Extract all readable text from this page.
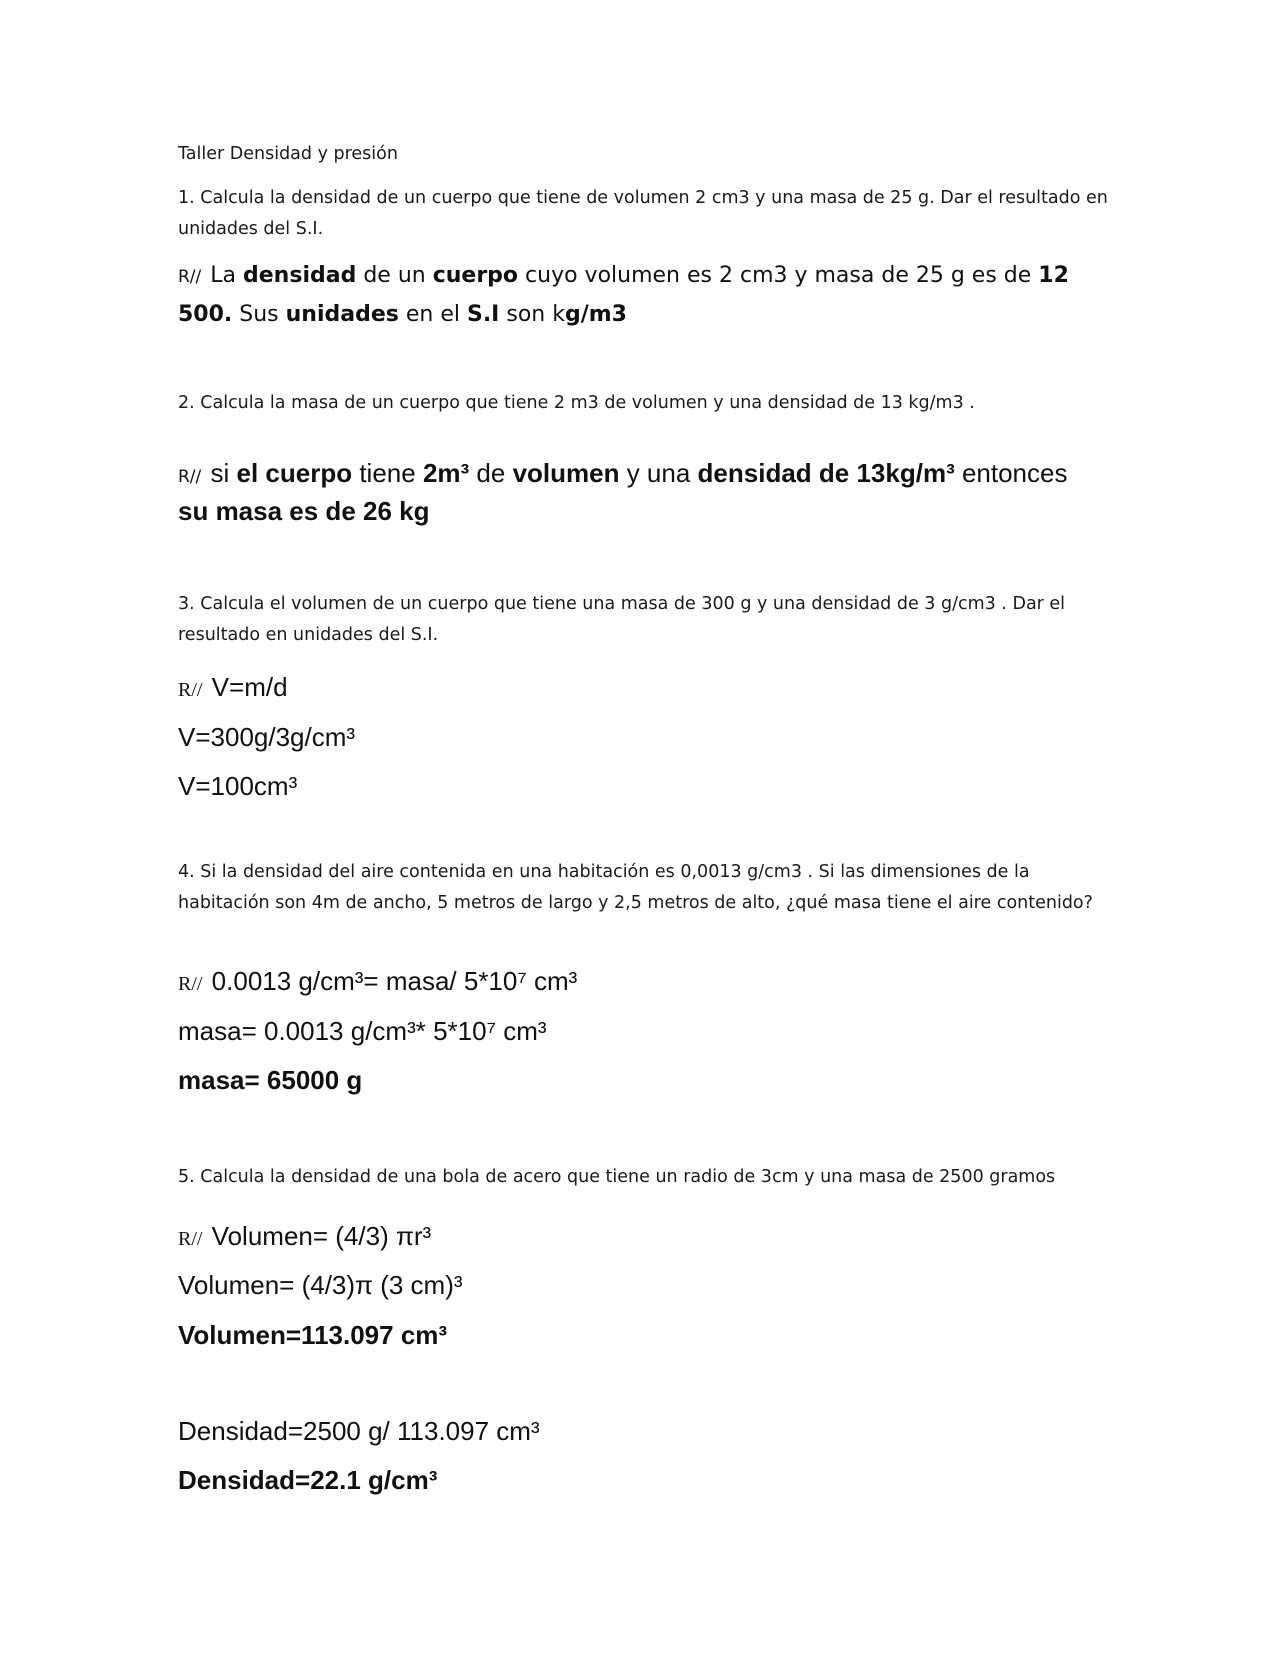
Taller Densidad y presión

1. Calcula la densidad de un cuerpo que tiene de volumen 2 cm3 y una masa de 25 g. Dar el resultado en unidades del S.I.

R// La densidad de un cuerpo cuyo volumen es 2 cm3 y masa de 25 g es de 12 500. Sus unidades en el S.I son kg/m3

2. Calcula la masa de un cuerpo que tiene 2 m3 de volumen y una densidad de 13 kg/m3 .

R// si el cuerpo tiene 2m³ de volumen y una densidad de 13kg/m³ entonces su masa es de 26 kg

3. Calcula el volumen de un cuerpo que tiene una masa de 300 g y una densidad de 3 g/cm3 . Dar el resultado en unidades del S.I.

R// V=m/d

V=300g/3g/cm³

V=100cm³

4. Si la densidad del aire contenida en una habitación es 0,0013 g/cm3 . Si las dimensiones de la habitación son 4m de ancho, 5 metros de largo y 2,5 metros de alto, ¿qué masa tiene el aire contenido?

R// 0.0013 g/cm³= masa/ 5*10⁷ cm³

masa= 0.0013 g/cm³* 5*10⁷ cm³

masa= 65000 g

5. Calcula la densidad de una bola de acero que tiene un radio de 3cm y una masa de 2500 gramos

R// Volumen= (4/3) πr³

Volumen= (4/3)π (3 cm)³

Volumen=113.097 cm³

Densidad=2500 g/ 113.097 cm³

Densidad=22.1 g/cm³
